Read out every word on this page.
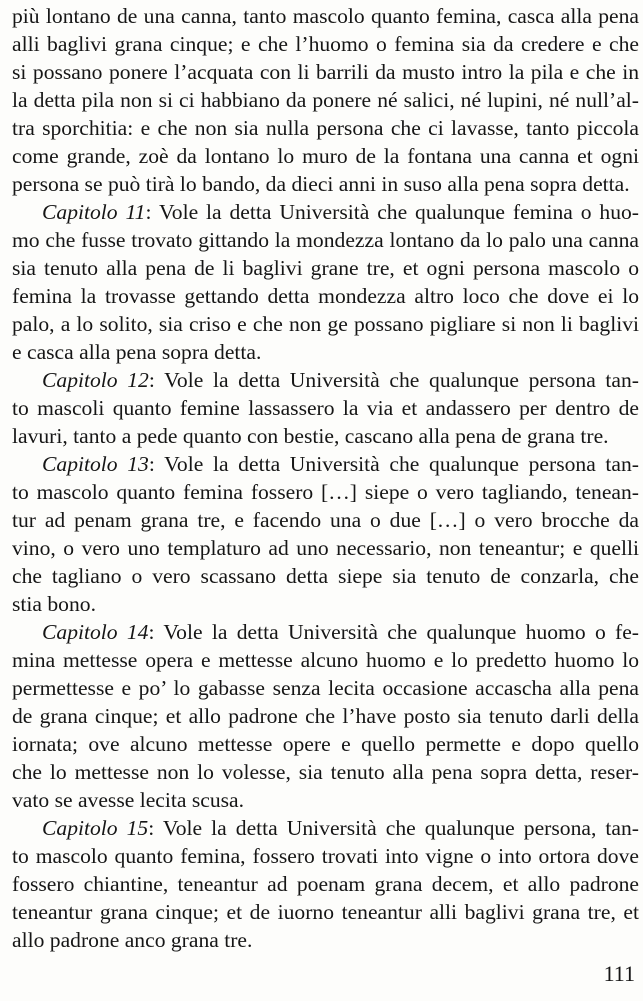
più lontano de una canna, tanto mascolo quanto femina, casca alla pena
alli baglivi grana cinque; e che l’huomo o femina sia da credere e che
si possano ponere l’acquata con li barrili da musto intro la pila e che in
la detta pila non si ci habbiano da ponere né salici, né lupini, né null’al-
tra sporchitia: e che non sia nulla persona che ci lavasse, tanto piccola
come grande, zoè da lontano lo muro de la fontana una canna et ogni
persona se può tirà lo bando, da dieci anni in suso alla pena sopra detta.
Capitolo 11: Vole la detta Università che qualunque femina o huo-
mo che fusse trovato gittando la mondezza lontano da lo palo una canna
sia tenuto alla pena de li baglivi grane tre, et ogni persona mascolo o
femina la trovasse gettando detta mondezza altro loco che dove ei lo
palo, a lo solito, sia criso e che non ge possano pigliare si non li baglivi
e casca alla pena sopra detta.
Capitolo 12: Vole la detta Università che qualunque persona tan-
to mascoli quanto femine lassassero la via et andassero per dentro de
lavuri, tanto a pede quanto con bestie, cascano alla pena de grana tre.
Capitolo 13: Vole la detta Università che qualunque persona tan-
to mascolo quanto femina fossero […] siepe o vero tagliando, tenean-
tur ad penam grana tre, e facendo una o due […] o vero brocche da
vino, o vero uno templaturo ad uno necessario, non teneantur; e quelli
che tagliano o vero scassano detta siepe sia tenuto de conzarla, che
stia bono.
Capitolo 14: Vole la detta Università che qualunque huomo o fe-
mina mettesse opera e mettesse alcuno huomo e lo predetto huomo lo
permettesse e po’ lo gabasse senza lecita occasione accascha alla pena
de grana cinque; et allo padrone che l’have posto sia tenuto darli della
iornata; ove alcuno mettesse opere e quello permette e dopo quello
che lo mettesse non lo volesse, sia tenuto alla pena sopra detta, reser-
vato se avesse lecita scusa.
Capitolo 15: Vole la detta Università che qualunque persona, tan-
to mascolo quanto femina, fossero trovati into vigne o into ortora dove
fossero chiantine, teneantur ad poenam grana decem, et allo padrone
teneantur grana cinque; et de iuorno teneantur alli baglivi grana tre, et
allo padrone anco grana tre.
111
